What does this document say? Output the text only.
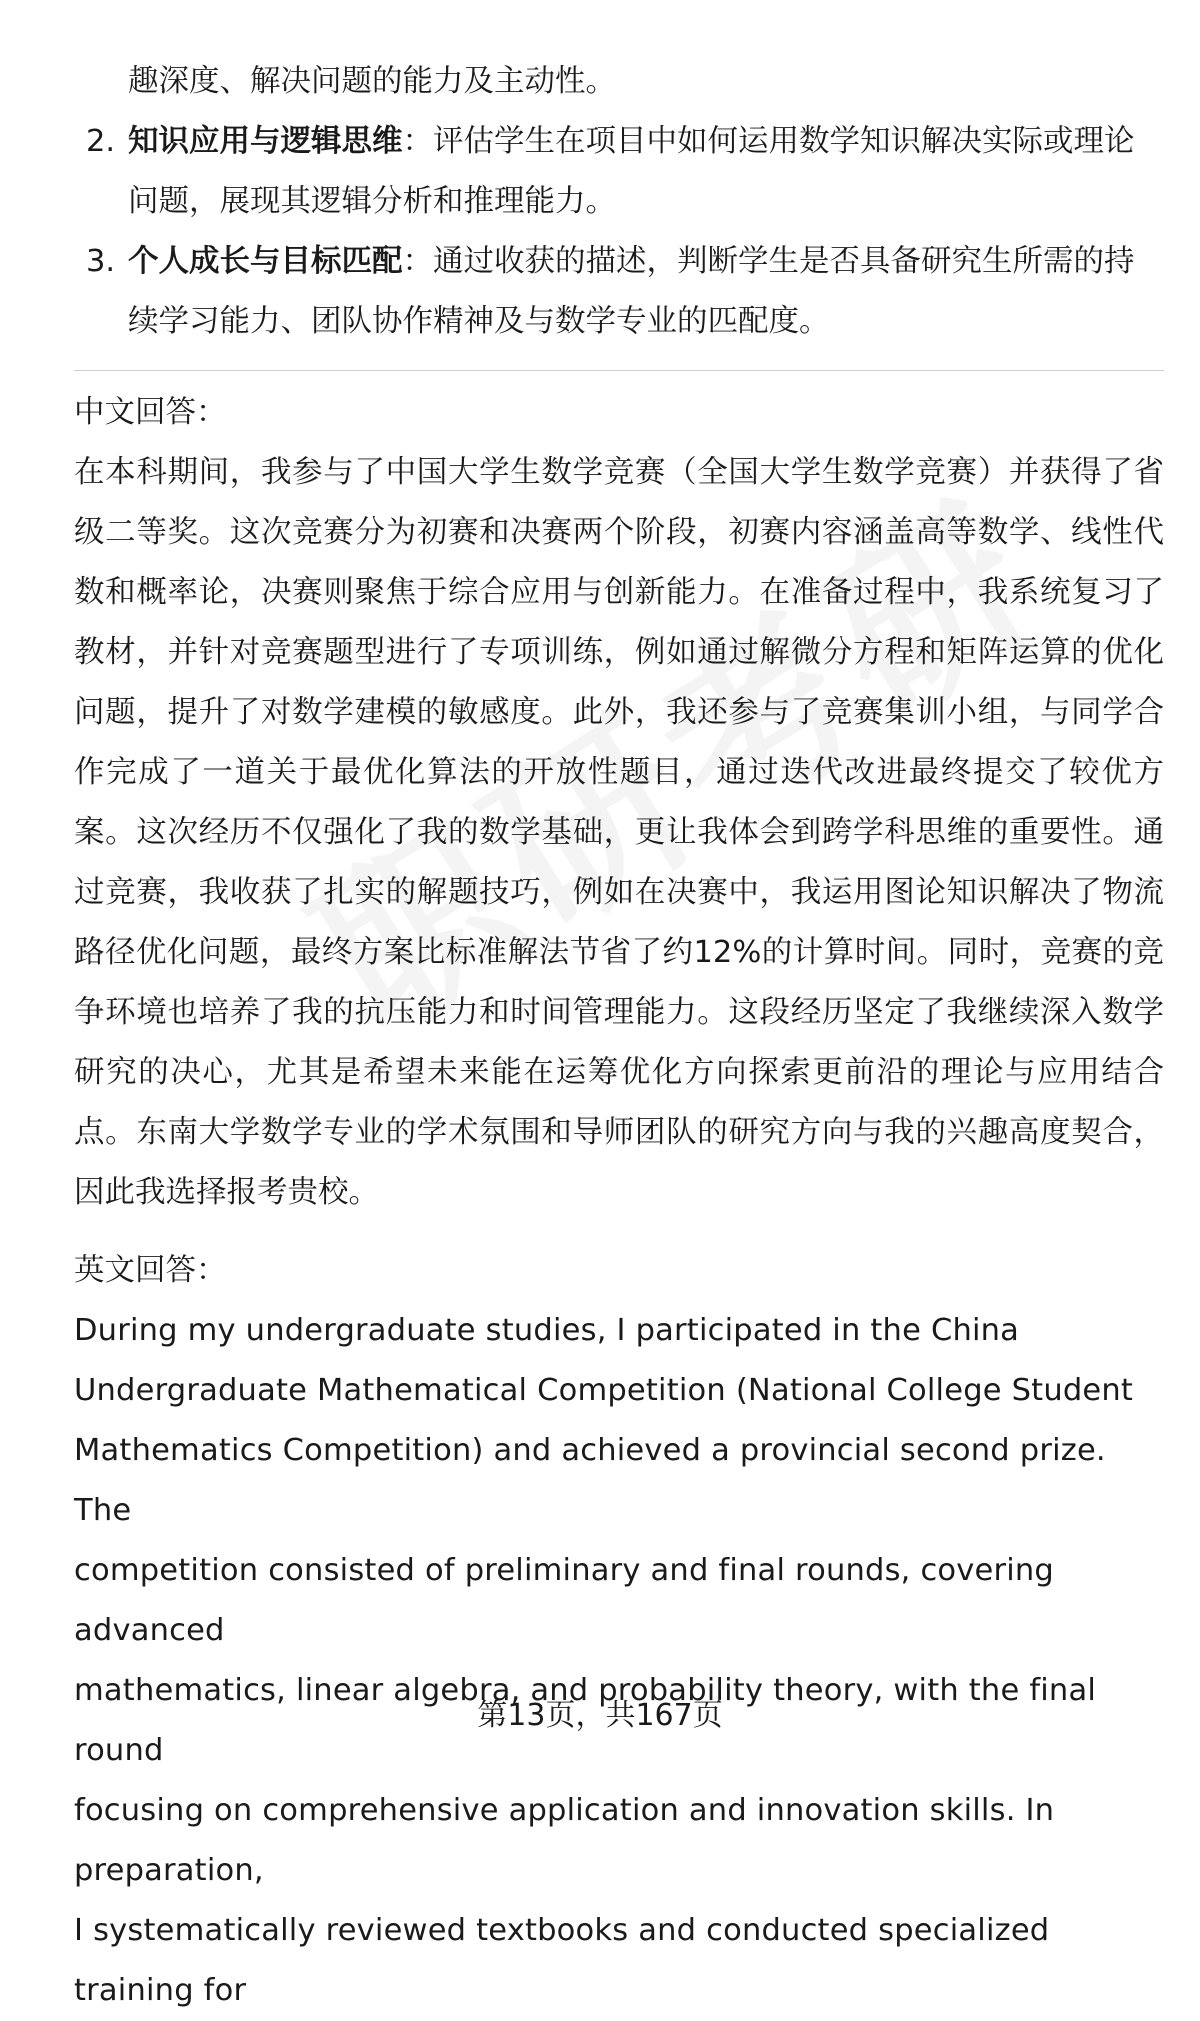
趣深度、解决问题的能力及主动性。

2. 知识应用与逻辑思维：评估学生在项目中如何运用数学知识解决实际或理论问题，展现其逻辑分析和推理能力。
3. 个人成长与目标匹配：通过收获的描述，判断学生是否具备研究生所需的持续学习能力、团队协作精神及与数学专业的匹配度。

中文回答：

在本科期间，我参与了中国大学生数学竞赛（全国大学生数学竞赛）并获得了省级二等奖。这次竞赛分为初赛和决赛两个阶段，初赛内容涵盖高等数学、线性代数和概率论，决赛则聚焦于综合应用与创新能力。在准备过程中，我系统复习了教材，并针对竞赛题型进行了专项训练，例如通过解微分方程和矩阵运算的优化问题，提升了对数学建模的敏感度。此外，我还参与了竞赛集训小组，与同学合作完成了一道关于最优化算法的开放性题目，通过迭代改进最终提交了较优方案。这次经历不仅强化了我的数学基础，更让我体会到跨学科思维的重要性。通过竞赛，我收获了扎实的解题技巧，例如在决赛中，我运用图论知识解决了物流路径优化问题，最终方案比标准解法节省了约12%的计算时间。同时，竞赛的竞争环境也培养了我的抗压能力和时间管理能力。这段经历坚定了我继续深入数学研究的决心，尤其是希望未来能在运筹优化方向探索更前沿的理论与应用结合点。东南大学数学专业的学术氛围和导师团队的研究方向与我的兴趣高度契合，因此我选择报考贵校。

英文回答：

During my undergraduate studies, I participated in the China
Undergraduate Mathematical Competition (National College Student
Mathematics Competition) and achieved a provincial second prize. The
competition consisted of preliminary and final rounds, covering advanced
mathematics, linear algebra, and probability theory, with the final round
focusing on comprehensive application and innovation skills. In preparation,
I systematically reviewed textbooks and conducted specialized training for
第13页，共167页
